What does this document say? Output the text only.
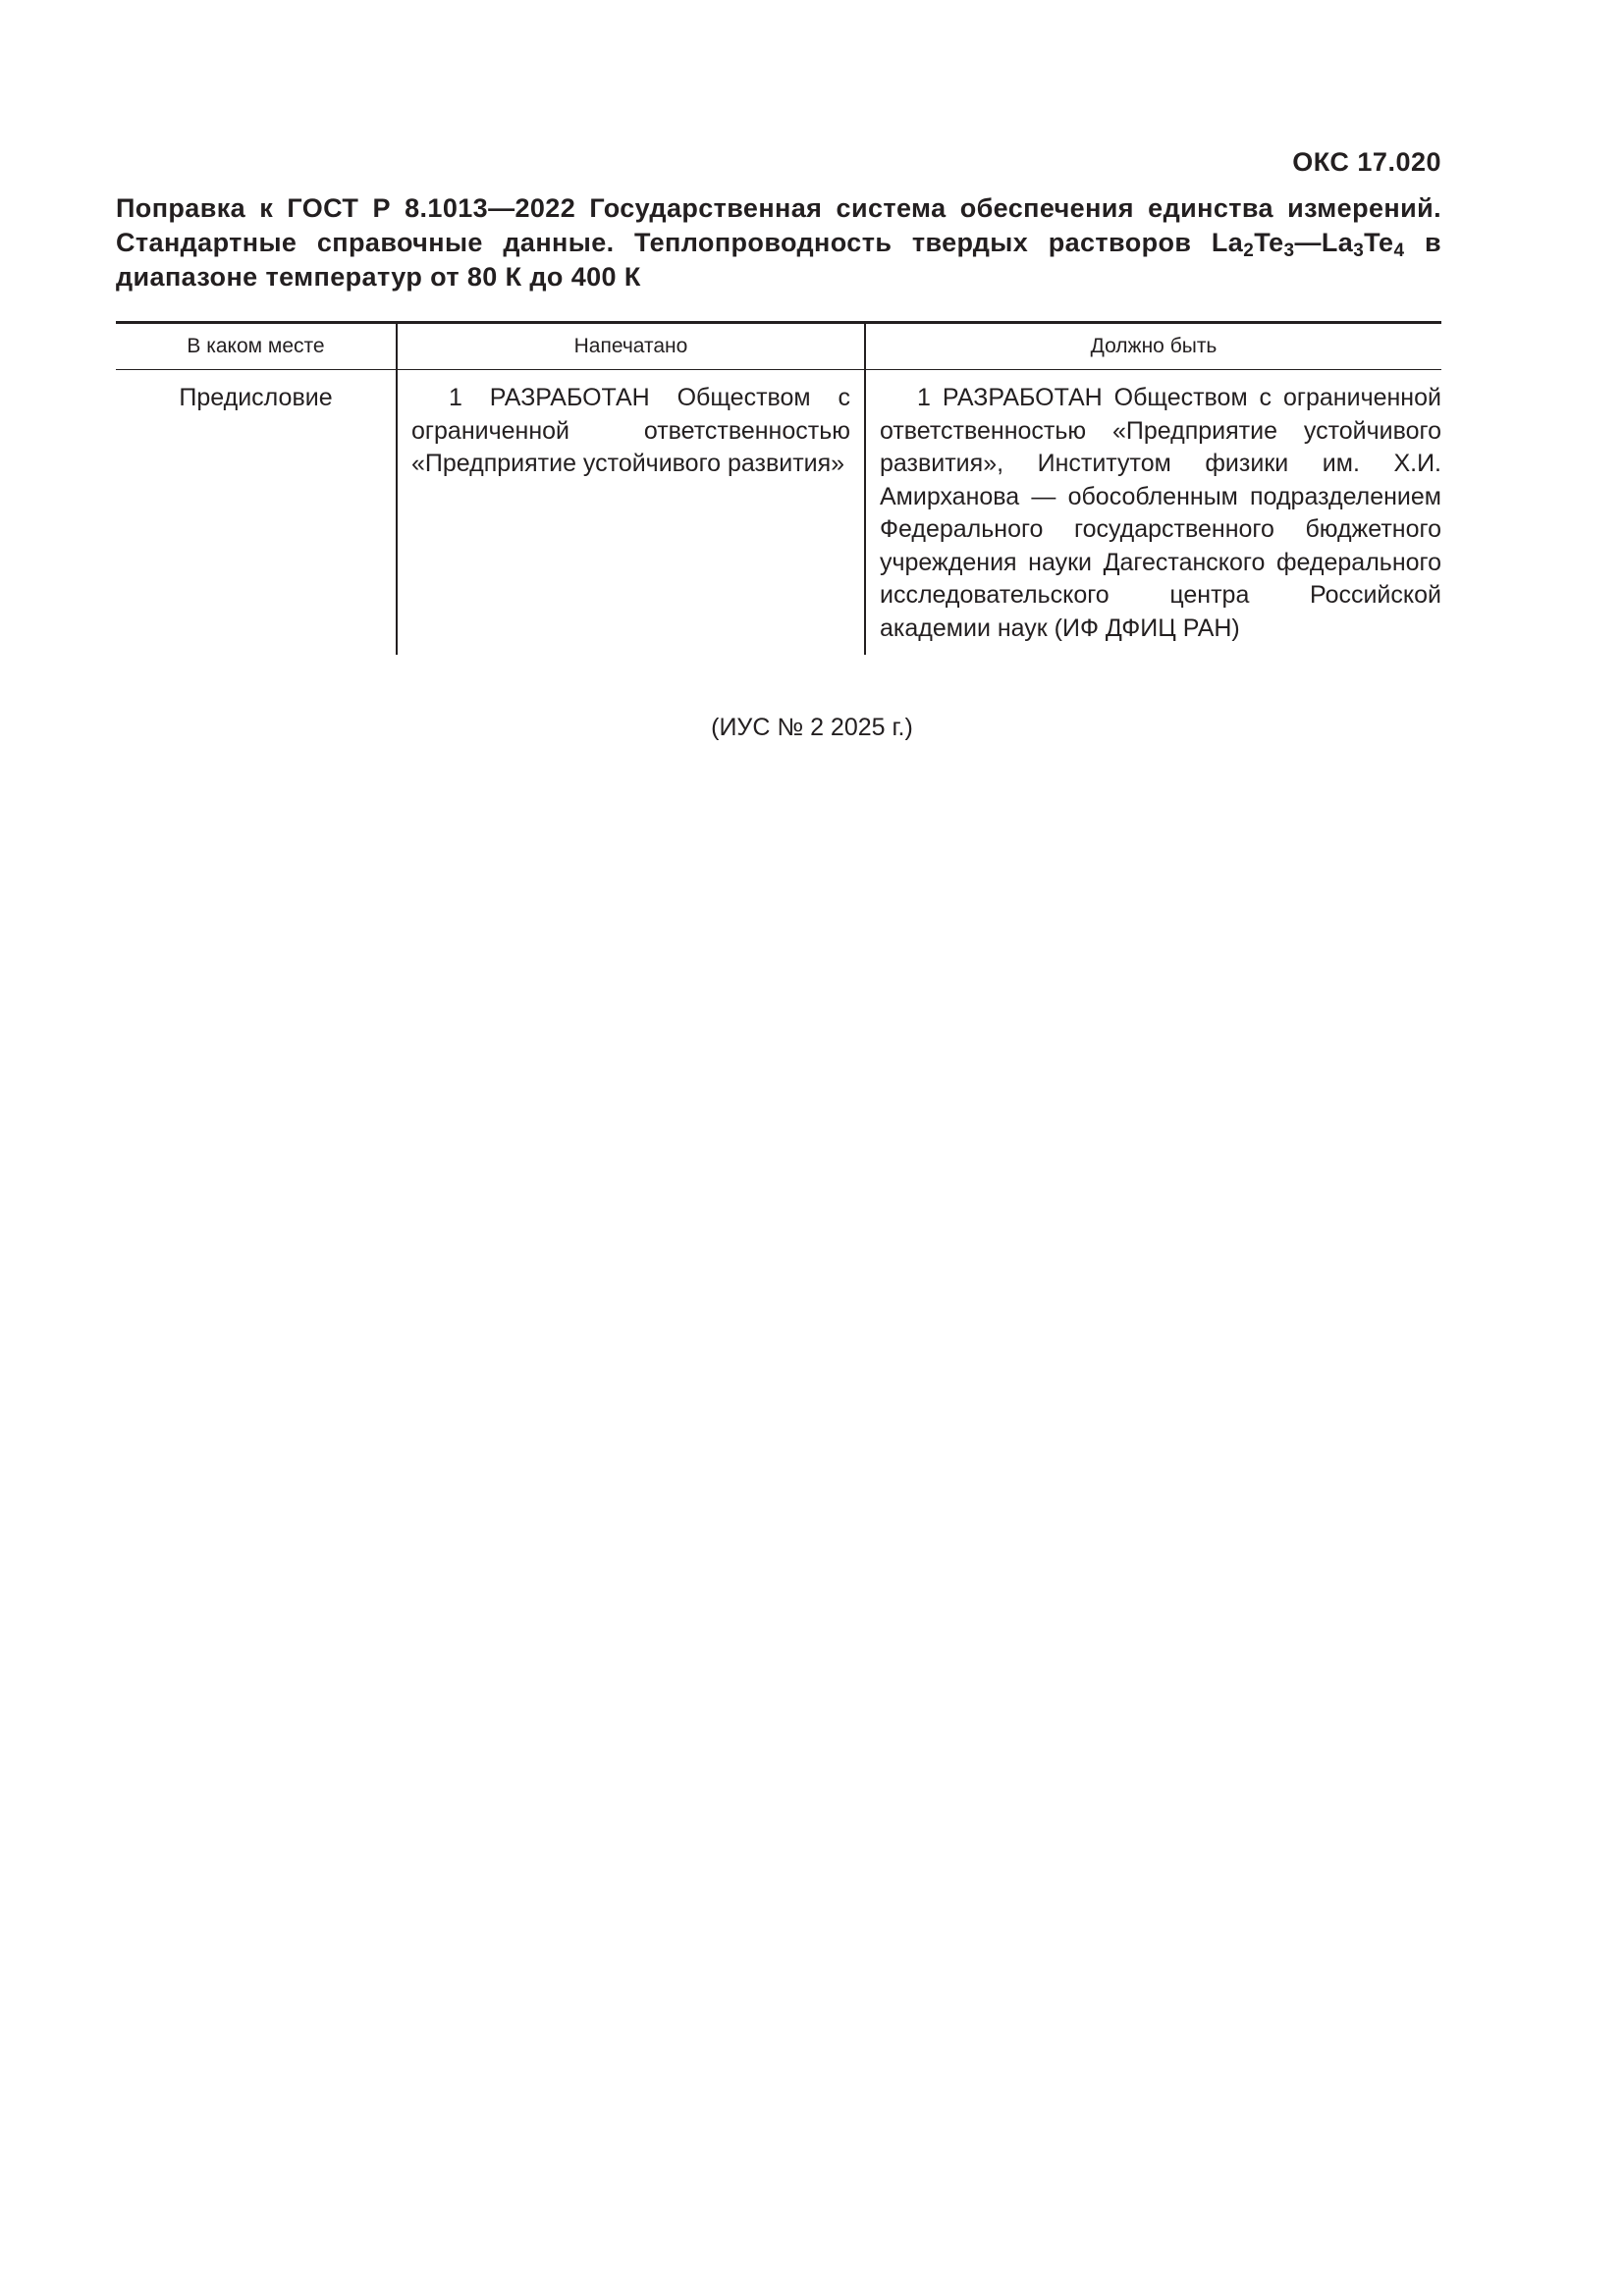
ОКС 17.020
Поправка к ГОСТ Р 8.1013—2022 Государственная система обеспечения единства измерений. Стандартные справочные данные. Теплопроводность твердых растворов $La_2Te_3—La_3Te_4$ в диапазоне температур от 80 К до 400 К
В каком месте	Напечатано	Должно быть
Предисловие	1 РАЗРАБОТАН Обществом с ограниченной ответственностью «Предприятие устойчивого развития»	1 РАЗРАБОТАН Обществом с ограниченной ответственностью «Предприятие устойчивого развития», Институтом физики им. Х.И. Амирханова — обособленным подразделением Федерального государственного бюджетного учреждения науки Дагестанского федерального исследовательского центра Российской академии наук (ИФ ДФИЦ РАН)
(ИУС № 2 2025 г.)
